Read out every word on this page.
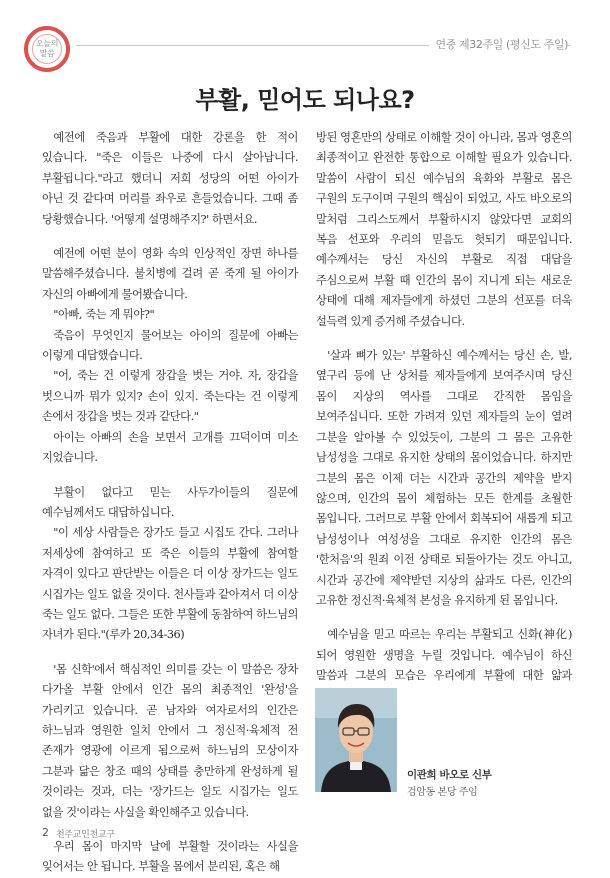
오늘의
말씀
연중 제32주일 (평신도 주일)
부활, 믿어도 되나요?

예전에 죽음과 부활에 대한 강론을 한 적이 있습니다. "죽은 이들은 나중에 다시 살아납니다. 부활됩니다."라고 했더니 저희 성당의 어떤 아이가 아닌 것 같다며 머리를 좌우로 흔들었습니다. 그때 좀 당황했습니다. '어떻게 설명해주지?' 하면서요.

예전에 어떤 분이 영화 속의 인상적인 장면 하나를 말씀해주셨습니다. 불치병에 걸려 곧 죽게 될 아이가 자신의 아빠에게 물어봤습니다.

"아빠, 죽는 게 뭐야?"

죽음이 무엇인지 물어보는 아이의 질문에 아빠는 이렇게 대답했습니다.

"어, 죽는 건 이렇게 장갑을 벗는 거야. 자, 장갑을 벗으니까 뭐가 있지? 손이 있지. 죽는다는 건 이렇게 손에서 장갑을 벗는 것과 같단다."

아이는 아빠의 손을 보면서 고개를 끄덕이며 미소 지었습니다.

부활이 없다고 믿는 사두가이들의 질문에 예수님께서도 대답하십니다.

"이 세상 사람들은 장가도 들고 시집도 간다. 그러나 저세상에 참여하고 또 죽은 이들의 부활에 참여할 자격이 있다고 판단받는 이들은 더 이상 장가드는 일도 시집가는 일도 없을 것이다. 천사들과 같아져서 더 이상 죽는 일도 없다. 그들은 또한 부활에 동참하여 하느님의 자녀가 된다."(루카 20,34-36)

'몸 신학'에서 핵심적인 의미를 갖는 이 말씀은 장차 다가올 부활 안에서 인간 몸의 최종적인 '완성'을 가리키고 있습니다. 곧 남자와 여자로서의 인간은 하느님과 영원한 일치 안에서 그 정신적·육체적 전 존재가 영광에 이르게 됨으로써 하느님의 모상이자 그분과 닮은 창조 때의 상태를 충만하게 완성하게 될 것이라는 것과, 더는 '장가드는 일도 시집가는 일도 없을 것'이라는 사실을 확인해주고 있습니다.

우리 몸이 마지막 날에 부활할 것이라는 사실을 잊어서는 안 됩니다. 부활을 몸에서 분리된, 혹은 해

방된 영혼만의 상태로 이해할 것이 아니라, 몸과 영혼의 최종적이고 완전한 통합으로 이해할 필요가 있습니다. 말씀이 사람이 되신 예수님의 육화와 부활로 몸은 구원의 도구이며 구원의 핵심이 되었고, 사도 바오로의 말처럼 그리스도께서 부활하시지 않았다면 교회의 복음 선포와 우리의 믿음도 헛되기 때문입니다. 예수께서는 당신 자신의 부활로 직접 대답을 주심으로써 부활 때 인간의 몸이 지니게 되는 새로운 상태에 대해 제자들에게 하셨던 그분의 선포를 더욱 설득력 있게 증거해 주셨습니다.

'살과 뼈가 있는' 부활하신 예수께서는 당신 손, 발, 옆구리 등에 난 상처를 제자들에게 보여주시며 당신 몸이 지상의 역사를 그대로 간직한 몸임을 보여주십니다. 또한 가려져 있던 제자들의 눈이 열려 그분을 알아볼 수 있었듯이, 그분의 그 몸은 고유한 남성성을 그대로 유지한 상태의 몸이었습니다. 하지만 그분의 몸은 이제 더는 시간과 공간의 제약을 받지 않으며, 인간의 몸이 체험하는 모든 한계를 초월한 몸입니다. 그러므로 부활 안에서 회복되어 새롭게 되고 남성성이나 여성성을 그대로 유지한 인간의 몸은 '한처음'의 원죄 이전 상태로 되돌아가는 것도 아니고, 시간과 공간에 제약받던 지상의 삶과도 다른, 인간의 고유한 정신적·육체적 본성을 유지하게 된 몸입니다.

예수님을 믿고 따르는 우리는 부활되고 신화(神化)되어 영원한 생명을 누릴 것입니다. 예수님이 하신 말씀과 그분의 모습은 우리에게 부활에 대한 앎과

이관희 바오로 신부
검암동 본당 주임
2 천주교인천교구
